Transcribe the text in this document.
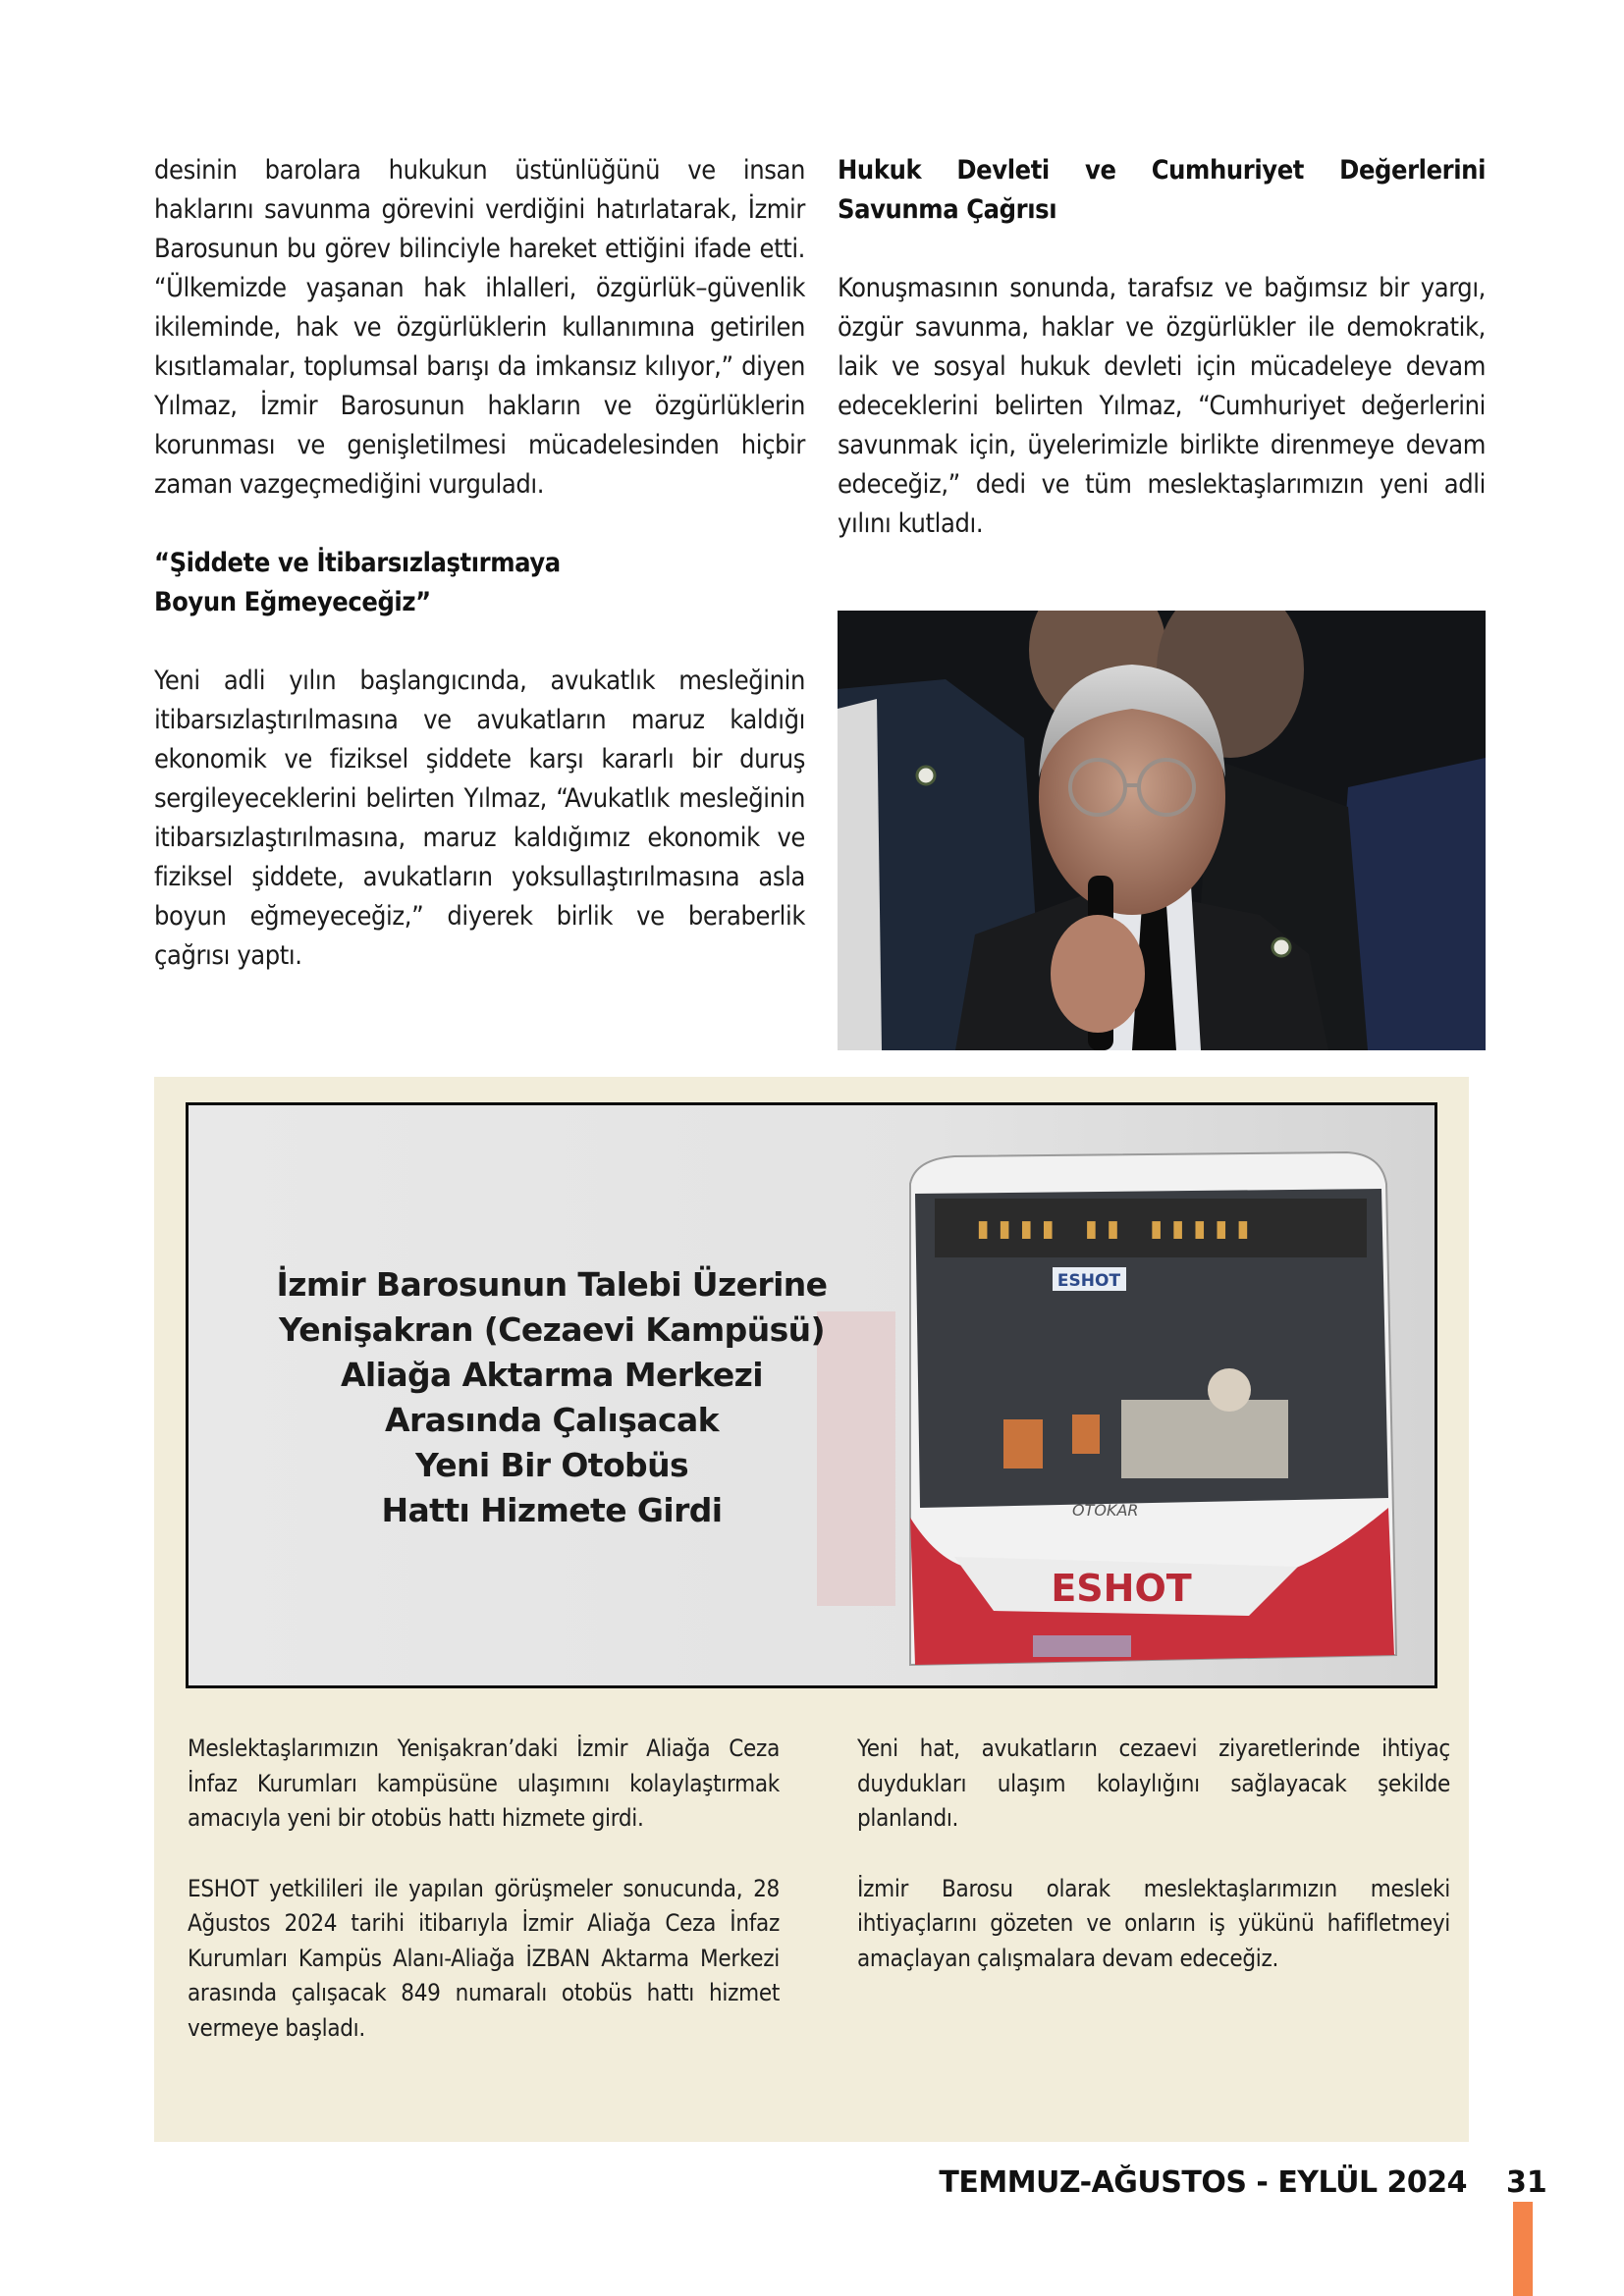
desinin barolara hukukun üstünlüğünü ve insan haklarını savunma görevini verdiğini hatırlatarak, İzmir Barosunun bu görev bilinciyle hareket ettiğini ifade etti. “Ülkemizde yaşanan hak ihlalleri, özgürlük–güvenlik ikileminde, hak ve özgürlüklerin kullanımına getirilen kısıtlamalar, toplumsal barışı da imkansız kılıyor,” diyen Yılmaz, İzmir Barosunun hakların ve özgürlüklerin korunması ve genişletilmesi mücadelesinden hiçbir zaman vazgeçmediğini vurguladı.

“Şiddete ve İtibarsızlaştırmaya
Boyun Eğmeyeceğiz”

Yeni adli yılın başlangıcında, avukatlık mesleğinin itibarsızlaştırılmasına ve avukatların maruz kaldığı ekonomik ve fiziksel şiddete karşı kararlı bir duruş sergileyeceklerini belirten Yılmaz, “Avukatlık mesleğinin itibarsızlaştırılmasına, maruz kaldığımız ekonomik ve fiziksel şiddete, avukatların yoksullaştırılmasına asla boyun eğmeyeceğiz,” diyerek birlik ve beraberlik çağrısı yaptı.

Hukuk Devleti ve Cumhuriyet Değerlerini Savunma Çağrısı

Konuşmasının sonunda, tarafsız ve bağımsız bir yargı, özgür savunma, haklar ve özgürlükler ile demokratik, laik ve sosyal hukuk devleti için mücadeleye devam edeceklerini belirten Yılmaz, “Cumhuriyet değerlerini savunmak için, üyelerimizle birlikte direnmeye devam edeceğiz,” dedi ve tüm meslektaşlarımızın yeni adli yılını kutladı.

▮▮▮▮ ▮▮ ▮▮▮▮▮
ESHOT
OTOKAR
ESHOT
İzmir Barosunun Talebi Üzerine
Yenişakran (Cezaevi Kampüsü)
Aliağa Aktarma Merkezi
Arasında Çalışacak
Yeni Bir Otobüs
Hattı Hizmete Girdi

Meslektaşlarımızın Yenişakran’daki İzmir Aliağa Ceza İnfaz Kurumları kampüsüne ulaşımını kolaylaştırmak amacıyla yeni bir otobüs hattı hizmete girdi.

ESHOT yetkilileri ile yapılan görüşmeler sonucunda, 28 Ağustos 2024 tarihi itibarıyla İzmir Aliağa Ceza İnfaz Kurumları Kampüs Alanı-Aliağa İZBAN Aktarma Merkezi arasında çalışacak 849 numaralı otobüs hattı hizmet vermeye başladı.

Yeni hat, avukatların cezaevi ziyaretlerinde ihtiyaç duydukları ulaşım kolaylığını sağlayacak şekilde planlandı.

İzmir Barosu olarak meslektaşlarımızın mesleki ihtiyaçlarını gözeten ve onların iş yükünü hafifletmeyi amaçlayan çalışmalara devam edeceğiz.

TEMMUZ-AĞUSTOS - EYLÜL 2024 31
